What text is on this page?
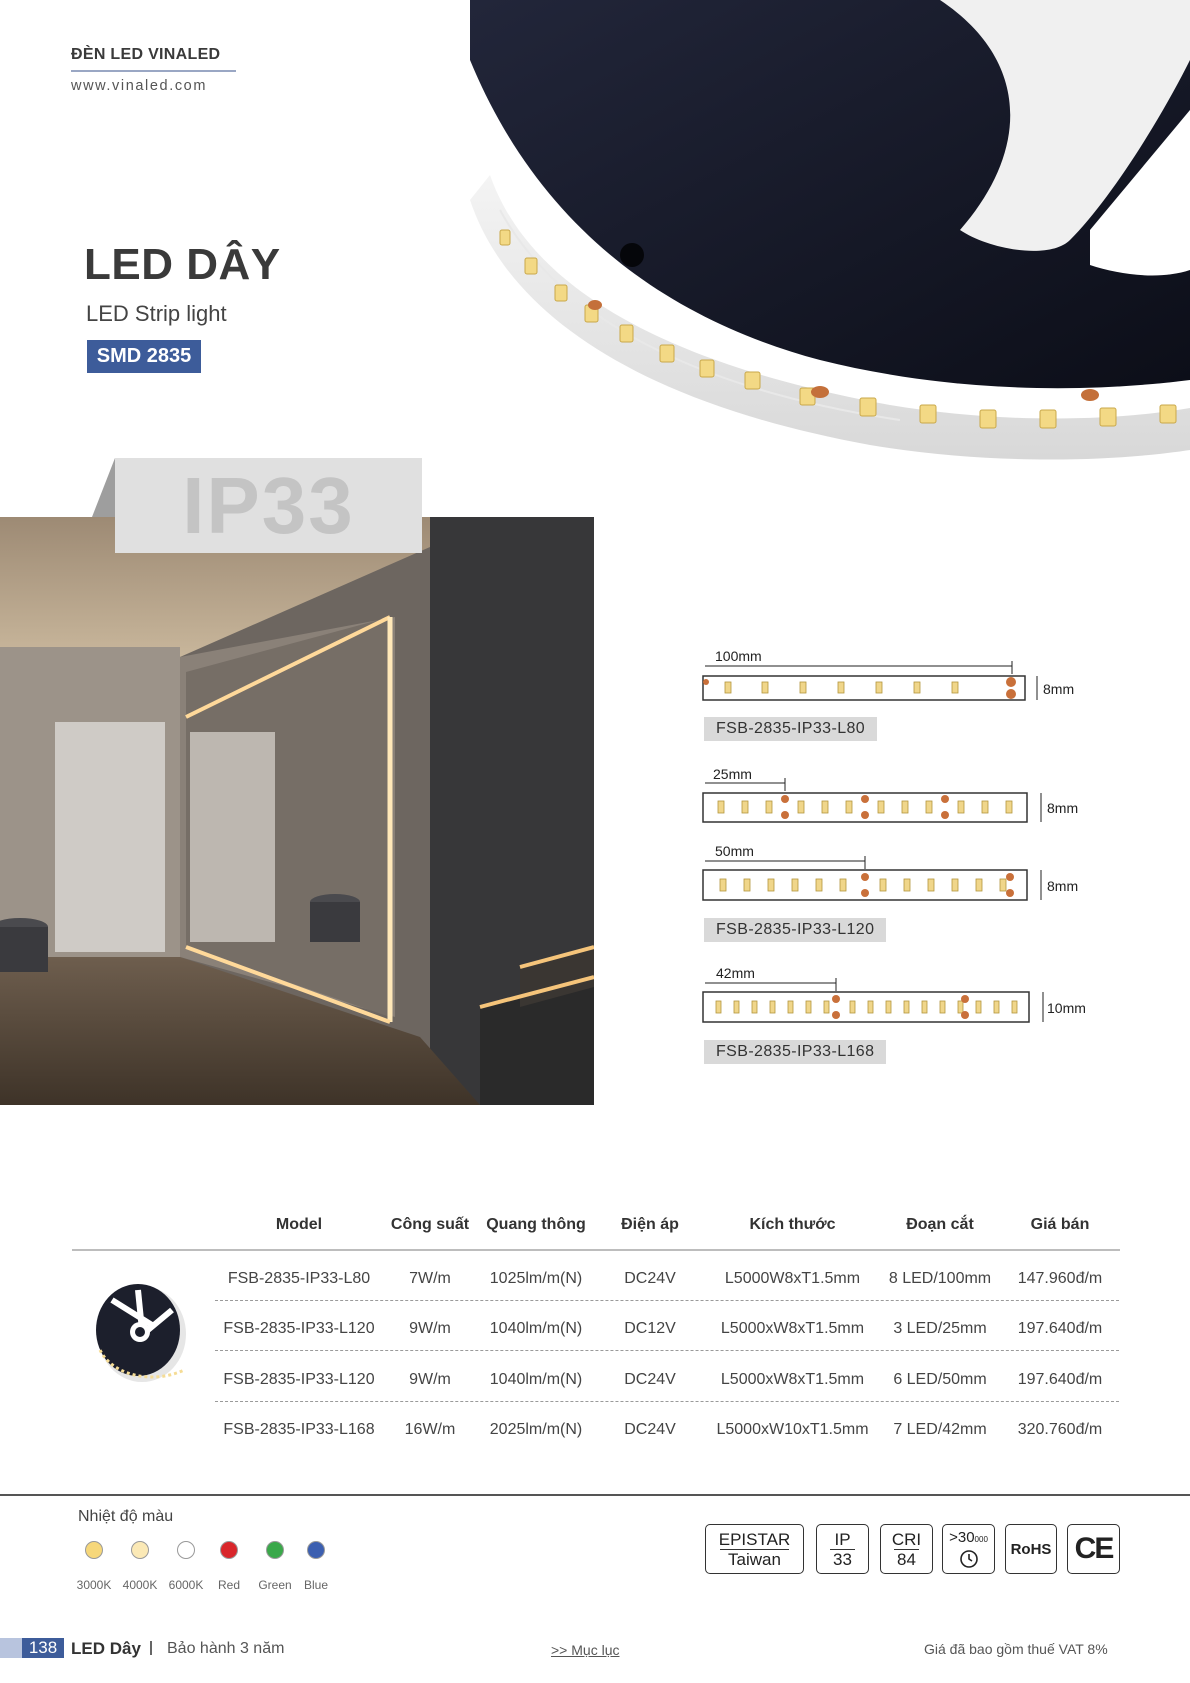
ĐÈN LED VINALED
www.vinaled.com
LED DÂY
LED Strip light
SMD 2835
IP33
100mm
8mm
FSB-2835-IP33-L80
25mm
8mm
50mm
8mm
FSB-2835-IP33-L120
42mm
10mm
FSB-2835-IP33-L168
Model	Công suất	Quang thông	Điện áp	Kích thước	Đoạn cắt	Giá bán
FSB-2835-IP33-L80	7W/m	1025lm/m(N)	DC24V	L5000W8xT1.5mm	8 LED/100mm	147.960đ/m
FSB-2835-IP33-L120	9W/m	1040lm/m(N)	DC12V	L5000xW8xT1.5mm	3 LED/25mm	197.640đ/m
FSB-2835-IP33-L120	9W/m	1040lm/m(N)	DC24V	L5000xW8xT1.5mm	6 LED/50mm	197.640đ/m
FSB-2835-IP33-L168	16W/m	2025lm/m(N)	DC24V	L5000xW10xT1.5mm	7 LED/42mm	320.760đ/m
Nhiệt độ màu
3000K 4000K 6000K	Red	Green	Blue
EPISTAR
Taiwan
IP
33
CRI
84
>30000
RoHS CE
138 LED Dây Bảo hành 3 năm	>> Mục lục	Giá đã bao gồm thuế VAT 8%
